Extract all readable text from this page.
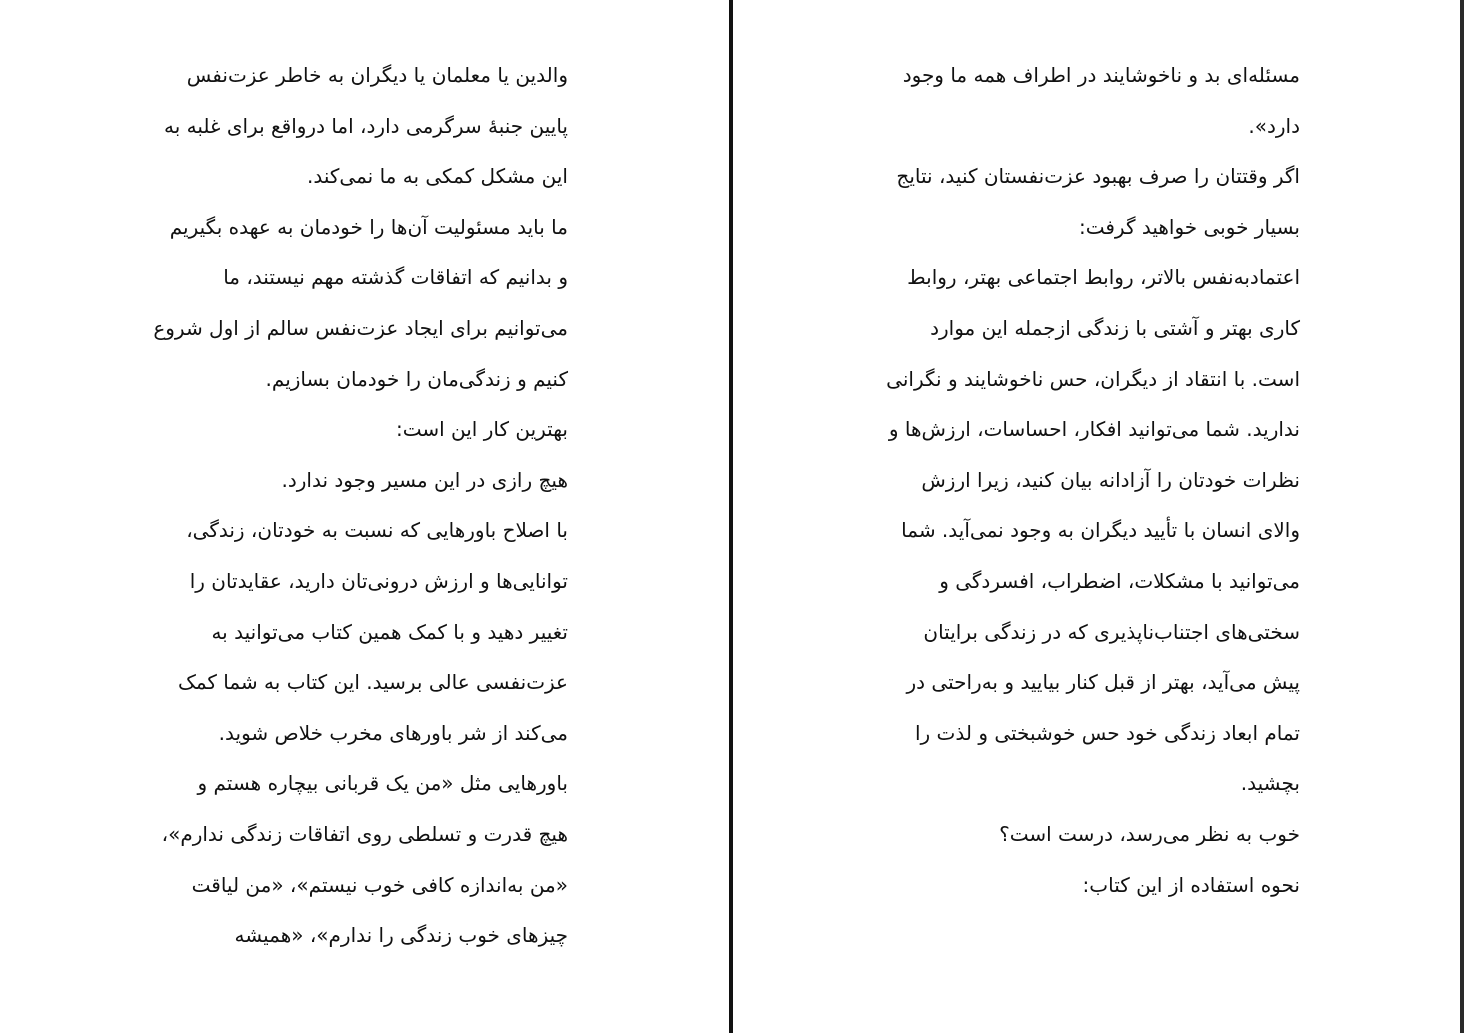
والدین یا معلمان یا دیگران به خاطر عزت‌نفس
پایین جنبهٔ سرگرمی دارد، اما درواقع برای غلبه به
این مشکل کمکی به ما نمی‌کند.
ما باید مسئولیت آن‌ها را خودمان به عهده بگیریم
و بدانیم که اتفاقات گذشته مهم نیستند، ما
می‌توانیم برای ایجاد عزت‌نفس سالم از اول شروع
کنیم و زندگی‌مان را خودمان بسازیم.
بهترین کار این است:
هیچ رازی در این مسیر وجود ندارد.
با اصلاح باورهایی که نسبت به خودتان، زندگی،
توانایی‌ها و ارزش درونی‌تان دارید، عقایدتان را
تغییر دهید و با کمک همین کتاب می‌توانید به
عزت‌نفسی عالی برسید. این کتاب به شما کمک
می‌کند از شر باورهای مخرب خلاص شوید.
باورهایی مثل «من یک قربانی بیچاره هستم و
هیچ قدرت و تسلطی روی اتفاقات زندگی ندارم»،
«من به‌اندازه کافی خوب نیستم»، «من لیاقت
چیزهای خوب زندگی را ندارم»، «همیشه
مسئله‌ای بد و ناخوشایند در اطراف همه ما وجود
دارد».
اگر وقتتان را صرف بهبود عزت‌نفستان کنید، نتایج
بسیار خوبی خواهید گرفت:
اعتمادبه‌نفس بالاتر، روابط اجتماعی بهتر، روابط
کاری بهتر و آشتی با زندگی ازجمله این موارد
است. با انتقاد از دیگران، حس ناخوشایند و نگرانی
ندارید. شما می‌توانید افکار، احساسات، ارزش‌ها و
نظرات خودتان را آزادانه بیان کنید، زیرا ارزش
والای انسان با تأیید دیگران به وجود نمی‌آید. شما
می‌توانید با مشکلات، اضطراب، افسردگی و
سختی‌های اجتناب‌ناپذیری که در زندگی برایتان
پیش می‌آید، بهتر از قبل کنار بیایید و به‌راحتی در
تمام ابعاد زندگی خود حس خوشبختی و لذت را
بچشید.
خوب به نظر می‌رسد، درست است؟
نحوه استفاده از این کتاب:
